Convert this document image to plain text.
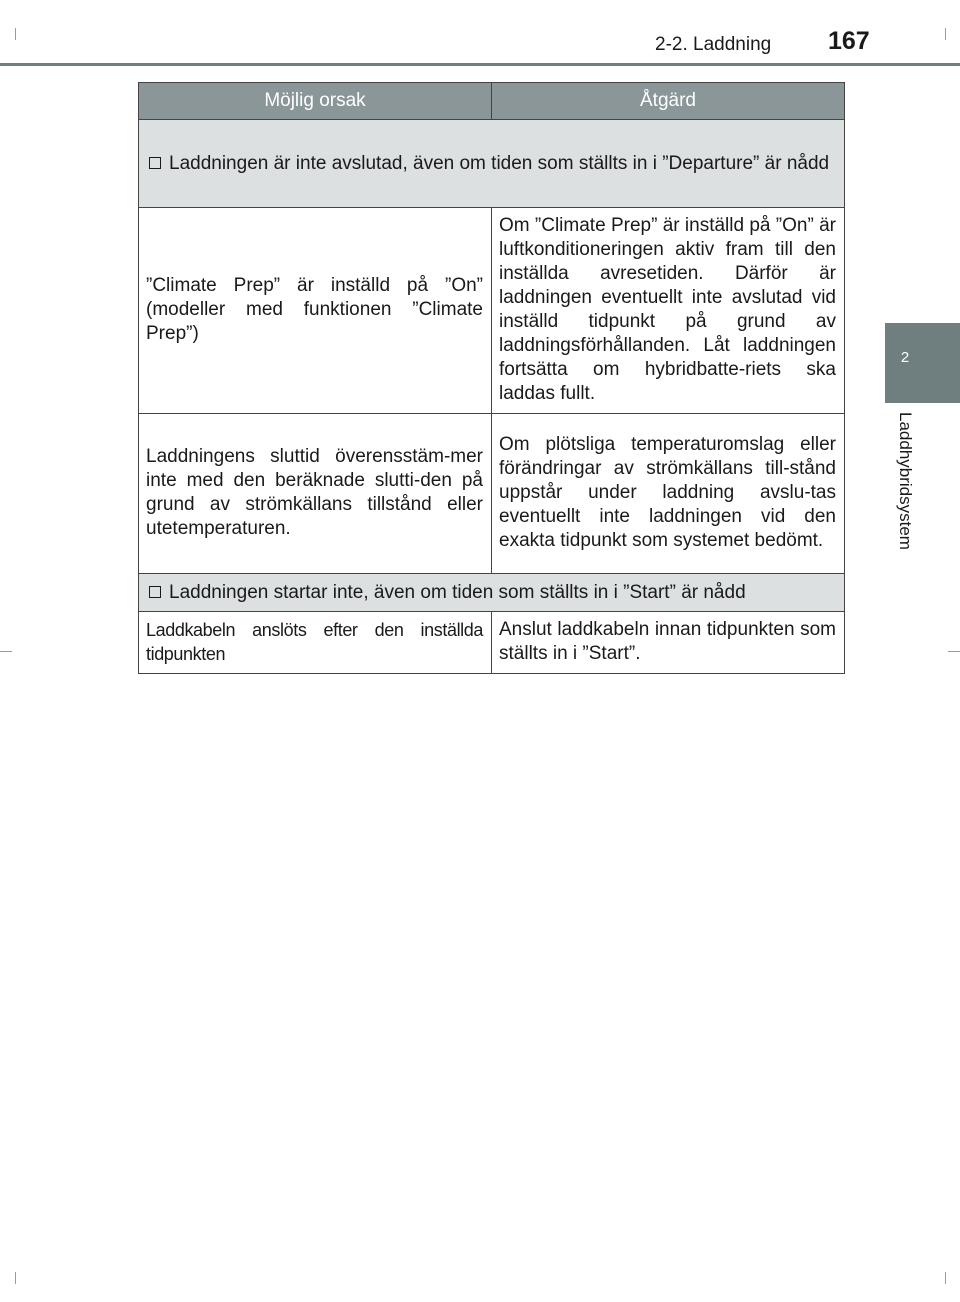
2-2. Laddning 167
2
Laddhybridsystem
Möjlig orsak	Åtgärd

Laddningen är inte avslutad, även om tiden som ställts in i ”Departure” är nådd	

”Climate Prep” är inställd på ”On” (modeller med funktionen ”Climate Prep”)	Om ”Climate Prep” är inställd på ”On” är luftkonditioneringen aktiv fram till den inställda avresetiden. Därför är laddningen eventuellt inte avslutad vid inställd tidpunkt på grund av laddningsförhållanden. Låt laddningen fortsätta om hybridbatte-riets ska laddas fullt.
Laddningens sluttid överensstäm-mer inte med den beräknade slutti-den på grund av strömkällans tillstånd eller utetemperaturen.	Om plötsliga temperaturomslag eller förändringar av strömkällans till-stånd uppstår under laddning avslu-tas eventuellt inte laddningen vid den exakta tidpunkt som systemet bedömt.

Laddningen startar inte, även om tiden som ställts in i ”Start” är nådd	

Laddkabeln anslöts efter den inställda tidpunkten	Anslut laddkabeln innan tidpunkten som ställts in i ”Start”.
